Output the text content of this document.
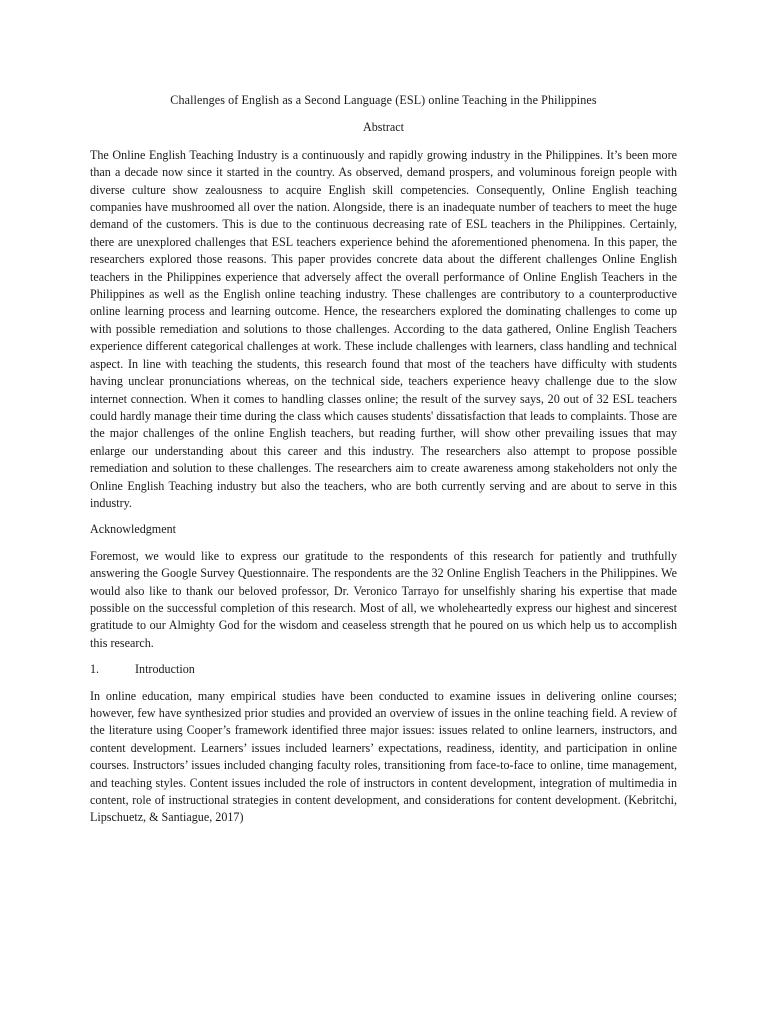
Challenges of English as a Second Language (ESL) online Teaching in the Philippines
Abstract

The Online English Teaching Industry is a continuously and rapidly growing industry in the Philippines. It’s been more than a decade now since it started in the country. As observed, demand prospers, and voluminous foreign people with diverse culture show zealousness to acquire English skill competencies. Consequently, Online English teaching companies have mushroomed all over the nation. Alongside, there is an inadequate number of teachers to meet the huge demand of the customers. This is due to the continuous decreasing rate of ESL teachers in the Philippines. Certainly, there are unexplored challenges that ESL teachers experience behind the aforementioned phenomena. In this paper, the researchers explored those reasons. This paper provides concrete data about the different challenges Online English teachers in the Philippines experience that adversely affect the overall performance of Online English Teachers in the Philippines as well as the English online teaching industry. These challenges are contributory to a counterproductive online learning process and learning outcome. Hence, the researchers explored the dominating challenges to come up with possible remediation and solutions to those challenges. According to the data gathered, Online English Teachers experience different categorical challenges at work. These include challenges with learners, class handling and technical aspect. In line with teaching the students, this research found that most of the teachers have difficulty with students having unclear pronunciations whereas, on the technical side, teachers experience heavy challenge due to the slow internet connection. When it comes to handling classes online; the result of the survey says, 20 out of 32 ESL teachers could hardly manage their time during the class which causes students' dissatisfaction that leads to complaints. Those are the major challenges of the online English teachers, but reading further, will show other prevailing issues that may enlarge our understanding about this career and this industry. The researchers also attempt to propose possible remediation and solution to these challenges. The researchers aim to create awareness among stakeholders not only the Online English Teaching industry but also the teachers, who are both currently serving and are about to serve in this industry.

Acknowledgment

Foremost, we would like to express our gratitude to the respondents of this research for patiently and truthfully answering the Google Survey Questionnaire. The respondents are the 32 Online English Teachers in the Philippines. We would also like to thank our beloved professor, Dr. Veronico Tarrayo for unselfishly sharing his expertise that made possible on the successful completion of this research. Most of all, we wholeheartedly express our highest and sincerest gratitude to our Almighty God for the wisdom and ceaseless strength that he poured on us which help us to accomplish this research.

1.	Introduction

In online education, many empirical studies have been conducted to examine issues in delivering online courses; however, few have synthesized prior studies and provided an overview of issues in the online teaching field. A review of the literature using Cooper’s framework identified three major issues: issues related to online learners, instructors, and content development. Learners’ issues included learners’ expectations, readiness, identity, and participation in online courses. Instructors’ issues included changing faculty roles, transitioning from face-to-face to online, time management, and teaching styles. Content issues included the role of instructors in content development, integration of multimedia in content, role of instructional strategies in content development, and considerations for content development. (Kebritchi, Lipschuetz, & Santiague, 2017)
